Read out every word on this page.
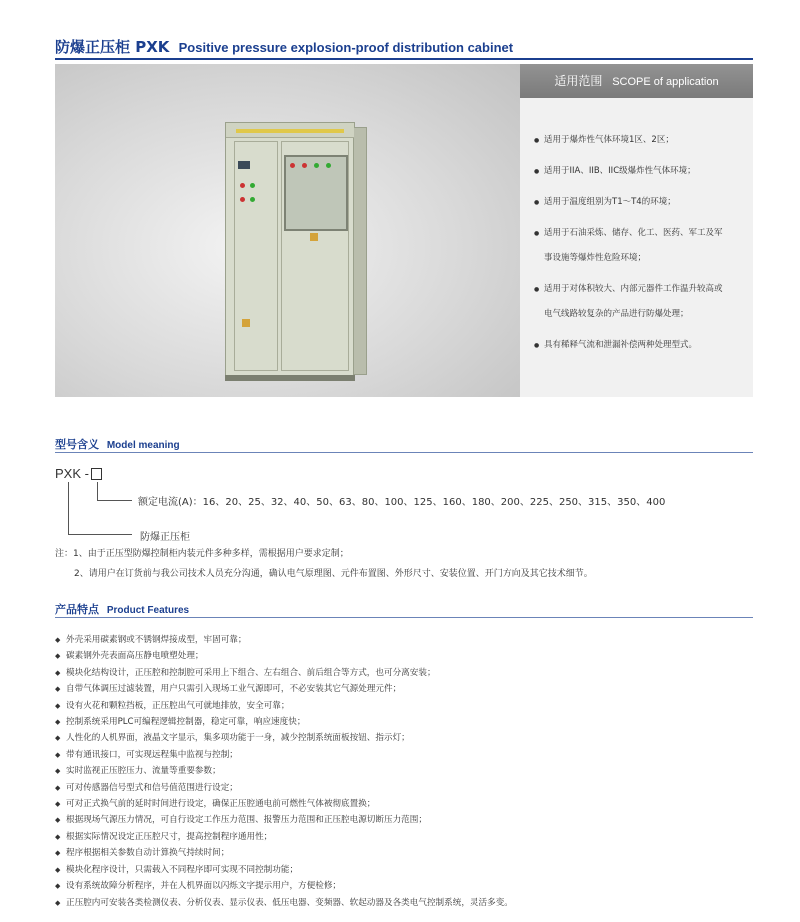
防爆正压柜 PXK Positive pressure explosion-proof distribution cabinet
适用范围 SCOPE of application
● 适用于爆炸性气体环境1区、2区；
● 适用于IIA、IIB、IIC级爆炸性气体环境；
● 适用于温度组别为T1～T4的环境；
● 适用于石油采炼、储存、化工、医药、军工及军
事设施等爆炸性危险环境；
● 适用于对体积较大、内部元器件工作温升较高或
电气线路较复杂的产品进行防爆处理；
● 具有稀释气流和泄漏补偿两种处理型式。
型号含义 Model meaning
PXK -
额定电流(A)：16、20、25、32、40、50、63、80、100、125、160、180、200、225、250、315、350、400
防爆正压柜
注：1、由于正压型防爆控制柜内装元件多种多样，需根据用户要求定制；
2、请用户在订货前与我公司技术人员充分沟通，确认电气原理图、元件布置图、外形尺寸、安装位置、开门方向及其它技术细节。
产品特点 Product Features
◆ 外壳采用碳素钢或不锈钢焊接成型，牢固可靠；
◆ 碳素钢外壳表面高压静电喷塑处理；
◆ 模块化结构设计，正压腔和控制腔可采用上下组合、左右组合、前后组合等方式，也可分离安装；
◆ 自带气体调压过滤装置，用户只需引入现场工业气源即可，不必安装其它气源处理元件；
◆ 设有火花和颗粒挡板，正压腔出气可就地排放，安全可靠；
◆ 控制系统采用PLC可编程逻辑控制器，稳定可靠，响应速度快；
◆ 人性化的人机界面，液晶文字显示，集多项功能于一身，减少控制系统面板按钮、指示灯；
◆ 带有通讯接口，可实现远程集中监视与控制；
◆ 实时监视正压腔压力、流量等重要参数；
◆ 可对传感器信号型式和信号值范围进行设定；
◆ 可对正式换气前的延时时间进行设定，确保正压腔通电前可燃性气体被彻底置换；
◆ 根据现场气源压力情况，可自行设定工作压力范围、报警压力范围和正压腔电源切断压力范围；
◆ 根据实际情况设定正压腔尺寸，提高控制程序通用性；
◆ 程序根据相关参数自动计算换气持续时间；
◆ 模块化程序设计，只需载入不同程序即可实现不同控制功能；
◆ 设有系统故障分析程序，并在人机界面以闪烁文字提示用户，方便检修；
◆ 正压腔内可安装各类检测仪表、分析仪表、显示仪表、低压电器、变频器、软起动器及各类电气控制系统，灵活多变。
